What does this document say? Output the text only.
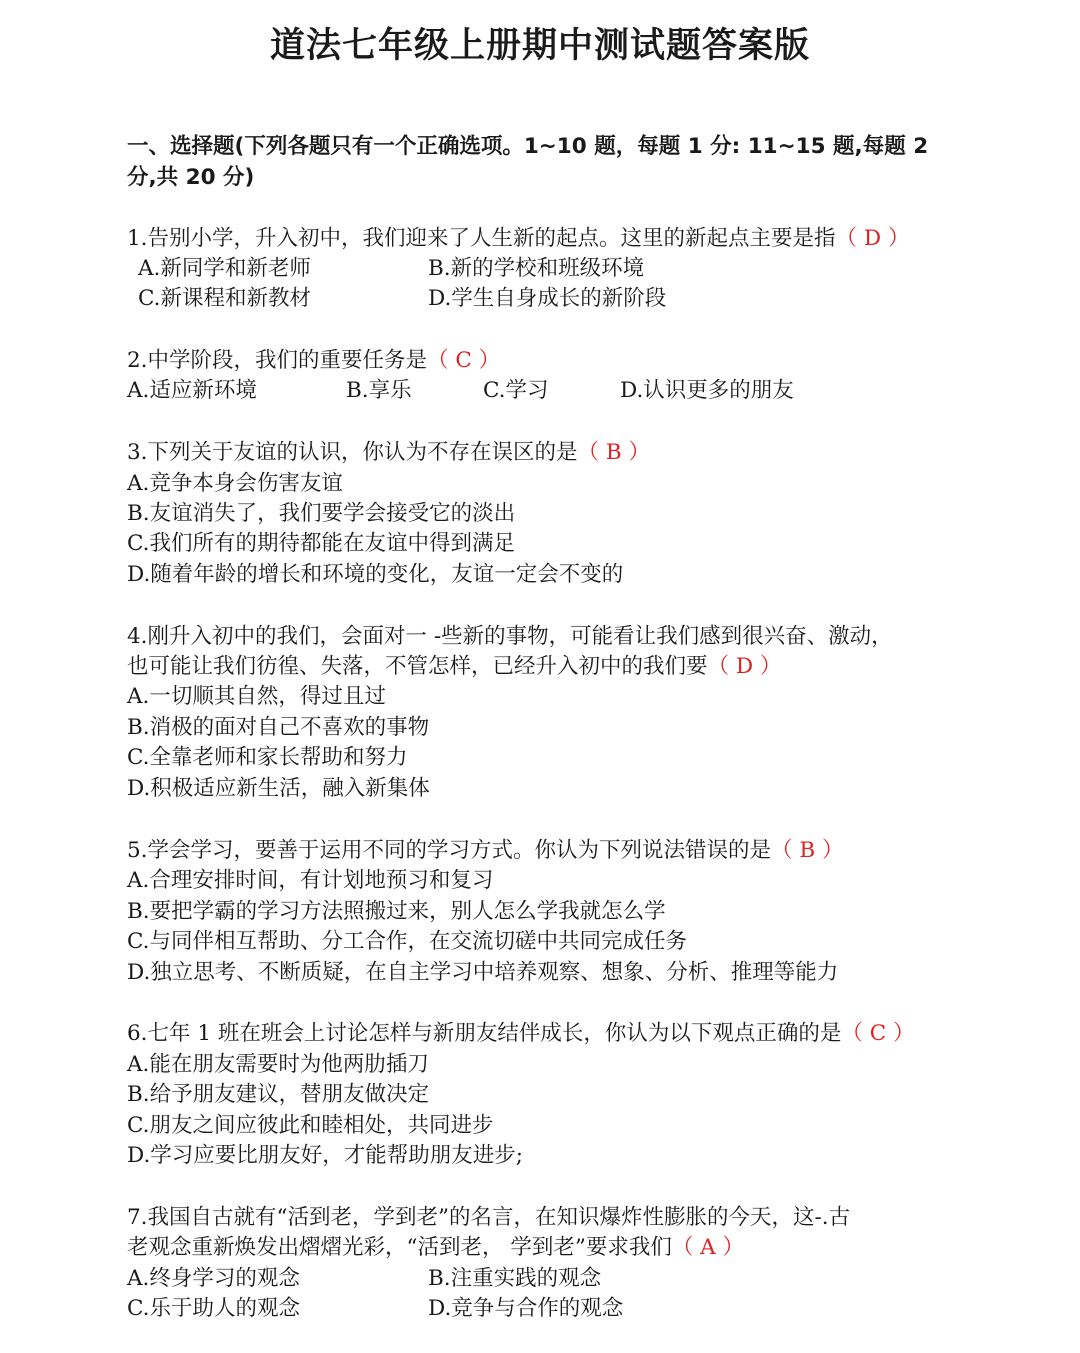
道法七年级上册期中测试题答案版
一、选择题(下列各题只有一个正确选项。1~10 题，每题 1 分: 11~15 题,每题 2 分,共 20 分)
1.告别小学，升入初中，我们迎来了人生新的起点。这里的新起点主要是指（ D ）
A.新同学和新老师	B.新的学校和班级环境
C.新课程和新教材	D.学生自身成长的新阶段
2.中学阶段，我们的重要任务是（ C ）
A.适应新环境	B.享乐	C.学习	D.认识更多的朋友
3.下列关于友谊的认识，你认为不存在误区的是（ B ）
A.竞争本身会伤害友谊
B.友谊消失了，我们要学会接受它的淡出
C.我们所有的期待都能在友谊中得到满足
D.随着年龄的增长和环境的变化，友谊一定会不变的
4.刚升入初中的我们，会面对一 -些新的事物，可能看让我们感到很兴奋、激动，
也可能让我们彷徨、失落，不管怎样，已经升入初中的我们要（ D ）
A.一切顺其自然，得过且过
B.消极的面对自己不喜欢的事物
C.全靠老师和家长帮助和努力
D.积极适应新生活，融入新集体
5.学会学习，要善于运用不同的学习方式。你认为下列说法错误的是（ B ）
A.合理安排时间，有计划地预习和复习
B.要把学霸的学习方法照搬过来，别人怎么学我就怎么学
C.与同伴相互帮助、分工合作，在交流切磋中共同完成任务
D.独立思考、不断质疑，在自主学习中培养观察、想象、分析、推理等能力
6.七年 1 班在班会上讨论怎样与新朋友结伴成长，你认为以下观点正确的是（ C ）
A.能在朋友需要时为他两肋插刀
B.给予朋友建议，替朋友做决定
C.朋友之间应彼此和睦相处，共同进步
D.学习应要比朋友好，才能帮助朋友进步;
7.我国自古就有“活到老，学到老”的名言，在知识爆炸性膨胀的今天，这-.古
老观念重新焕发出熠熠光彩，“活到老， 学到老”要求我们（ A ）
A.终身学习的观念	B.注重实践的观念
C.乐于助人的观念	D.竞争与合作的观念
